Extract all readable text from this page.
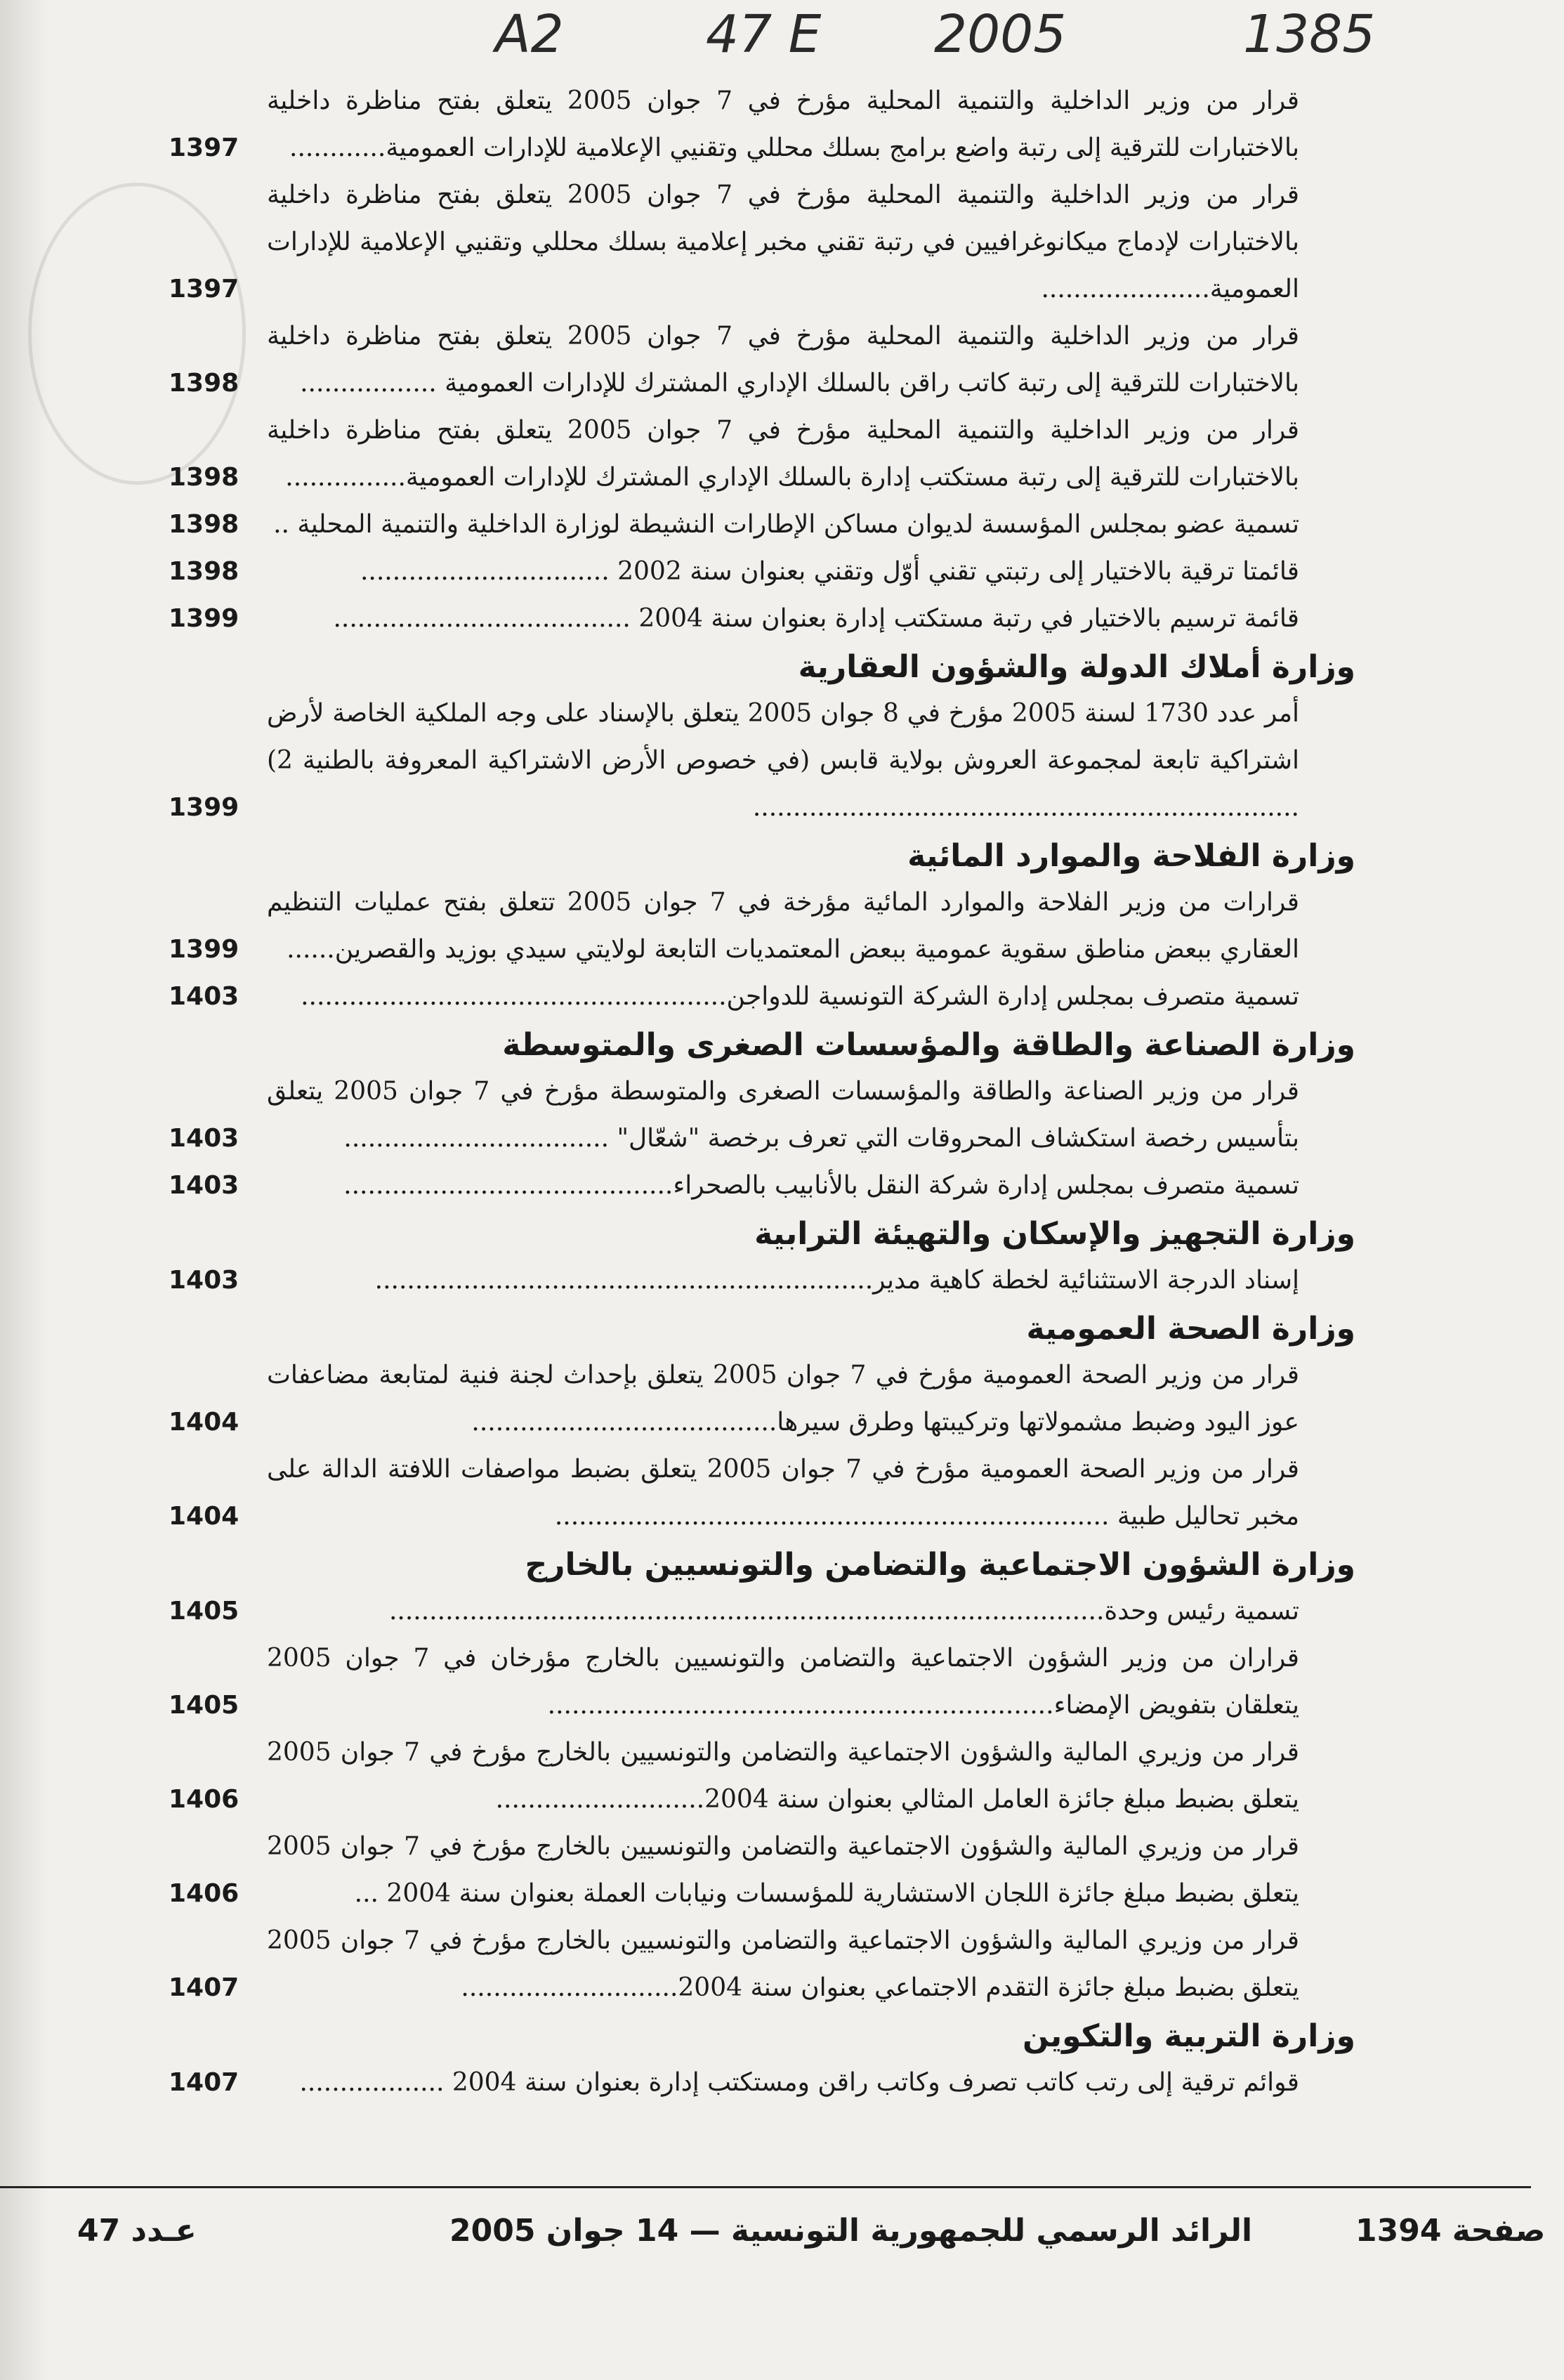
A2	47 E 2005	1385
قرار من وزير الداخلية والتنمية المحلية مؤرخ في 7 جوان 2005 يتعلق بفتح مناظرة داخلية بالاختبارات للترقية إلى رتبة واضع برامج بسلك محللي وتقنيي الإعلامية للإدارات العمومية............
1397
قرار من وزير الداخلية والتنمية المحلية مؤرخ في 7 جوان 2005 يتعلق بفتح مناظرة داخلية بالاختبارات لإدماج ميكانوغرافيين في رتبة تقني مخبر إعلامية بسلك محللي وتقنيي الإعلامية للإدارات العمومية.....................
1397
قرار من وزير الداخلية والتنمية المحلية مؤرخ في 7 جوان 2005 يتعلق بفتح مناظرة داخلية بالاختبارات للترقية إلى رتبة كاتب راقن بالسلك الإداري المشترك للإدارات العمومية .................
1398
قرار من وزير الداخلية والتنمية المحلية مؤرخ في 7 جوان 2005 يتعلق بفتح مناظرة داخلية بالاختبارات للترقية إلى رتبة مستكتب إدارة بالسلك الإداري المشترك للإدارات العمومية...............
1398
تسمية عضو بمجلس المؤسسة لديوان مساكن الإطارات النشيطة لوزارة الداخلية والتنمية المحلية ..
1398
قائمتا ترقية بالاختيار إلى رتبتي تقني أوّل وتقني بعنوان سنة 2002 ...............................
1398
قائمة ترسيم بالاختيار في رتبة مستكتب إدارة بعنوان سنة 2004 .....................................
1399
وزارة أملاك الدولة والشؤون العقارية
أمر عدد 1730 لسنة 2005 مؤرخ في 8 جوان 2005 يتعلق بالإسناد على وجه الملكية الخاصة لأرض اشتراكية تابعة لمجموعة العروش بولاية قابس (في خصوص الأرض الاشتراكية المعروفة بالطنية 2) ....................................................................
1399
وزارة الفلاحة والموارد المائية
قرارات من وزير الفلاحة والموارد المائية مؤرخة في 7 جوان 2005 تتعلق بفتح عمليات التنظيم العقاري ببعض مناطق سقوية عمومية ببعض المعتمديات التابعة لولايتي سيدي بوزيد والقصرين......
1399
تسمية متصرف بمجلس إدارة الشركة التونسية للدواجن.....................................................
1403
وزارة الصناعة والطاقة والمؤسسات الصغرى والمتوسطة
قرار من وزير الصناعة والطاقة والمؤسسات الصغرى والمتوسطة مؤرخ في 7 جوان 2005 يتعلق بتأسيس رخصة استكشاف المحروقات التي تعرف برخصة "شعّال" .................................
1403
تسمية متصرف بمجلس إدارة شركة النقل بالأنابيب بالصحراء.........................................
1403
وزارة التجهيز والإسكان والتهيئة الترابية
إسناد الدرجة الاستثنائية لخطة كاهية مدير..............................................................
1403
وزارة الصحة العمومية
قرار من وزير الصحة العمومية مؤرخ في 7 جوان 2005 يتعلق بإحداث لجنة فنية لمتابعة مضاعفات عوز اليود وضبط مشمولاتها وتركيبتها وطرق سيرها......................................
1404
قرار من وزير الصحة العمومية مؤرخ في 7 جوان 2005 يتعلق بضبط مواصفات اللافتة الدالة على مخبر تحاليل طبية .....................................................................
1404
وزارة الشؤون الاجتماعية والتضامن والتونسيين بالخارج
تسمية رئيس وحدة.........................................................................................
1405
قراران من وزير الشؤون الاجتماعية والتضامن والتونسيين بالخارج مؤرخان في 7 جوان 2005 يتعلقان بتفويض الإمضاء...............................................................
1405
قرار من وزيري المالية والشؤون الاجتماعية والتضامن والتونسيين بالخارج مؤرخ في 7 جوان 2005 يتعلق بضبط مبلغ جائزة العامل المثالي بعنوان سنة 2004..........................
1406
قرار من وزيري المالية والشؤون الاجتماعية والتضامن والتونسيين بالخارج مؤرخ في 7 جوان 2005 يتعلق بضبط مبلغ جائزة اللجان الاستشارية للمؤسسات ونيابات العملة بعنوان سنة 2004 ...
1406
قرار من وزيري المالية والشؤون الاجتماعية والتضامن والتونسيين بالخارج مؤرخ في 7 جوان 2005 يتعلق بضبط مبلغ جائزة التقدم الاجتماعي بعنوان سنة 2004...........................
1407
وزارة التربية والتكوين
قوائم ترقية إلى رتب كاتب تصرف وكاتب راقن ومستكتب إدارة بعنوان سنة 2004 ..................
1407
صفحة 1394
الرائد الرسمي للجمهورية التونسية — 14 جوان 2005
عـدد 47
